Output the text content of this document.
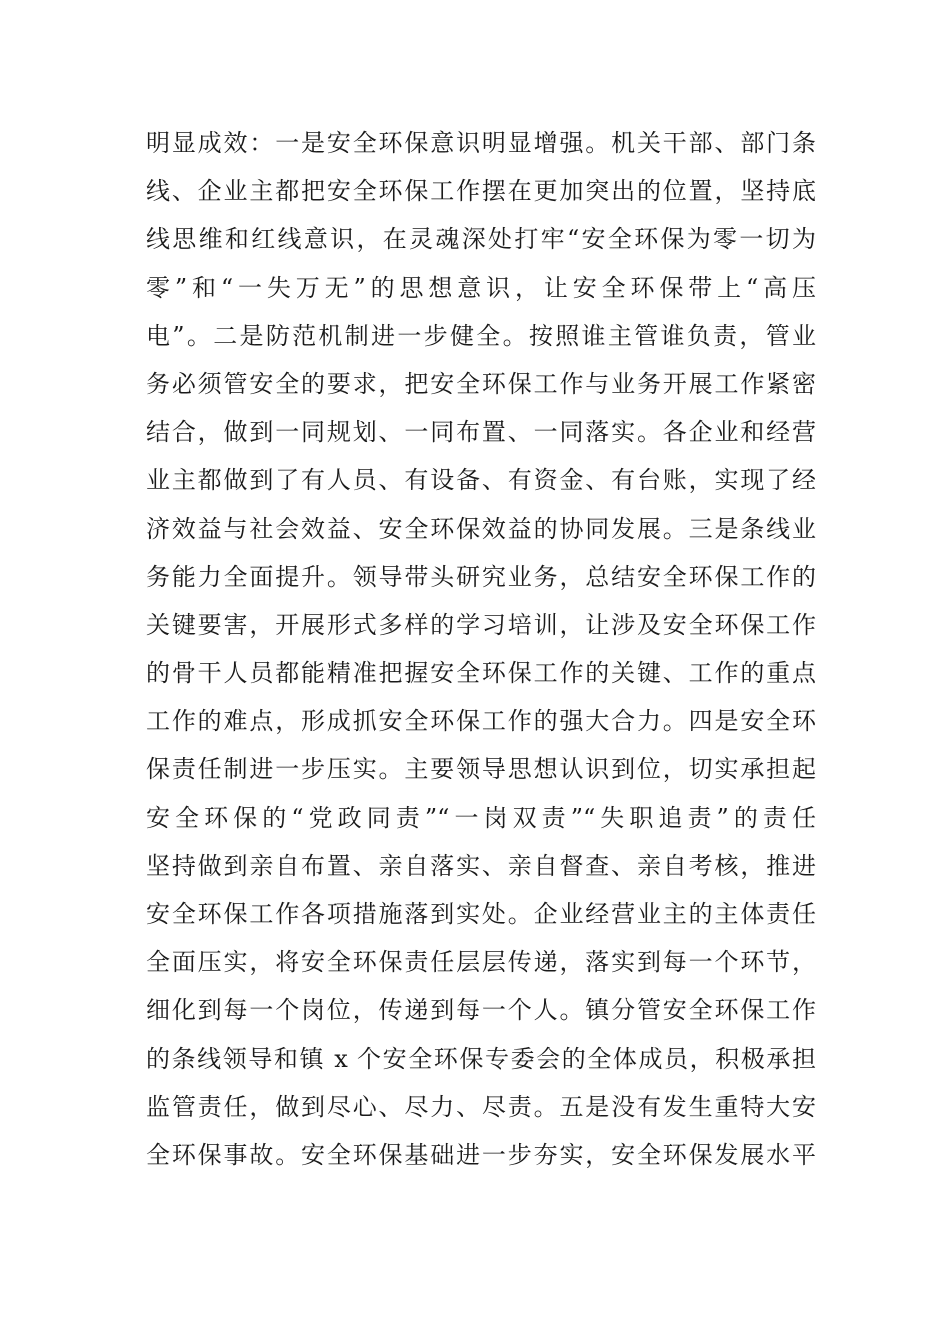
明显成效：一是安全环保意识明显增强。机关干部、部门条
线、企业主都把安全环保工作摆在更加突出的位置，坚持底
线思维和红线意识，在灵魂深处打牢“安全环保为零一切为
零”和“一失万无”的思想意识，让安全环保带上“高压
电”。二是防范机制进一步健全。按照谁主管谁负责，管业
务必须管安全的要求，把安全环保工作与业务开展工作紧密
结合，做到一同规划、一同布置、一同落实。各企业和经营
业主都做到了有人员、有设备、有资金、有台账，实现了经
济效益与社会效益、安全环保效益的协同发展。三是条线业
务能力全面提升。领导带头研究业务，总结安全环保工作的
关键要害，开展形式多样的学习培训，让涉及安全环保工作
的骨干人员都能精准把握安全环保工作的关键、工作的重点
工作的难点，形成抓安全环保工作的强大合力。四是安全环
保责任制进一步压实。主要领导思想认识到位，切实承担起
安全环保的“党政同责”“一岗双责”“失职追责”的责任
坚持做到亲自布置、亲自落实、亲自督查、亲自考核，推进
安全环保工作各项措施落到实处。企业经营业主的主体责任
全面压实，将安全环保责任层层传递，落实到每一个环节，
细化到每一个岗位，传递到每一个人。镇分管安全环保工作
的条线领导和镇 x 个安全环保专委会的全体成员，积极承担
监管责任，做到尽心、尽力、尽责。五是没有发生重特大安
全环保事故。安全环保基础进一步夯实，安全环保发展水平
